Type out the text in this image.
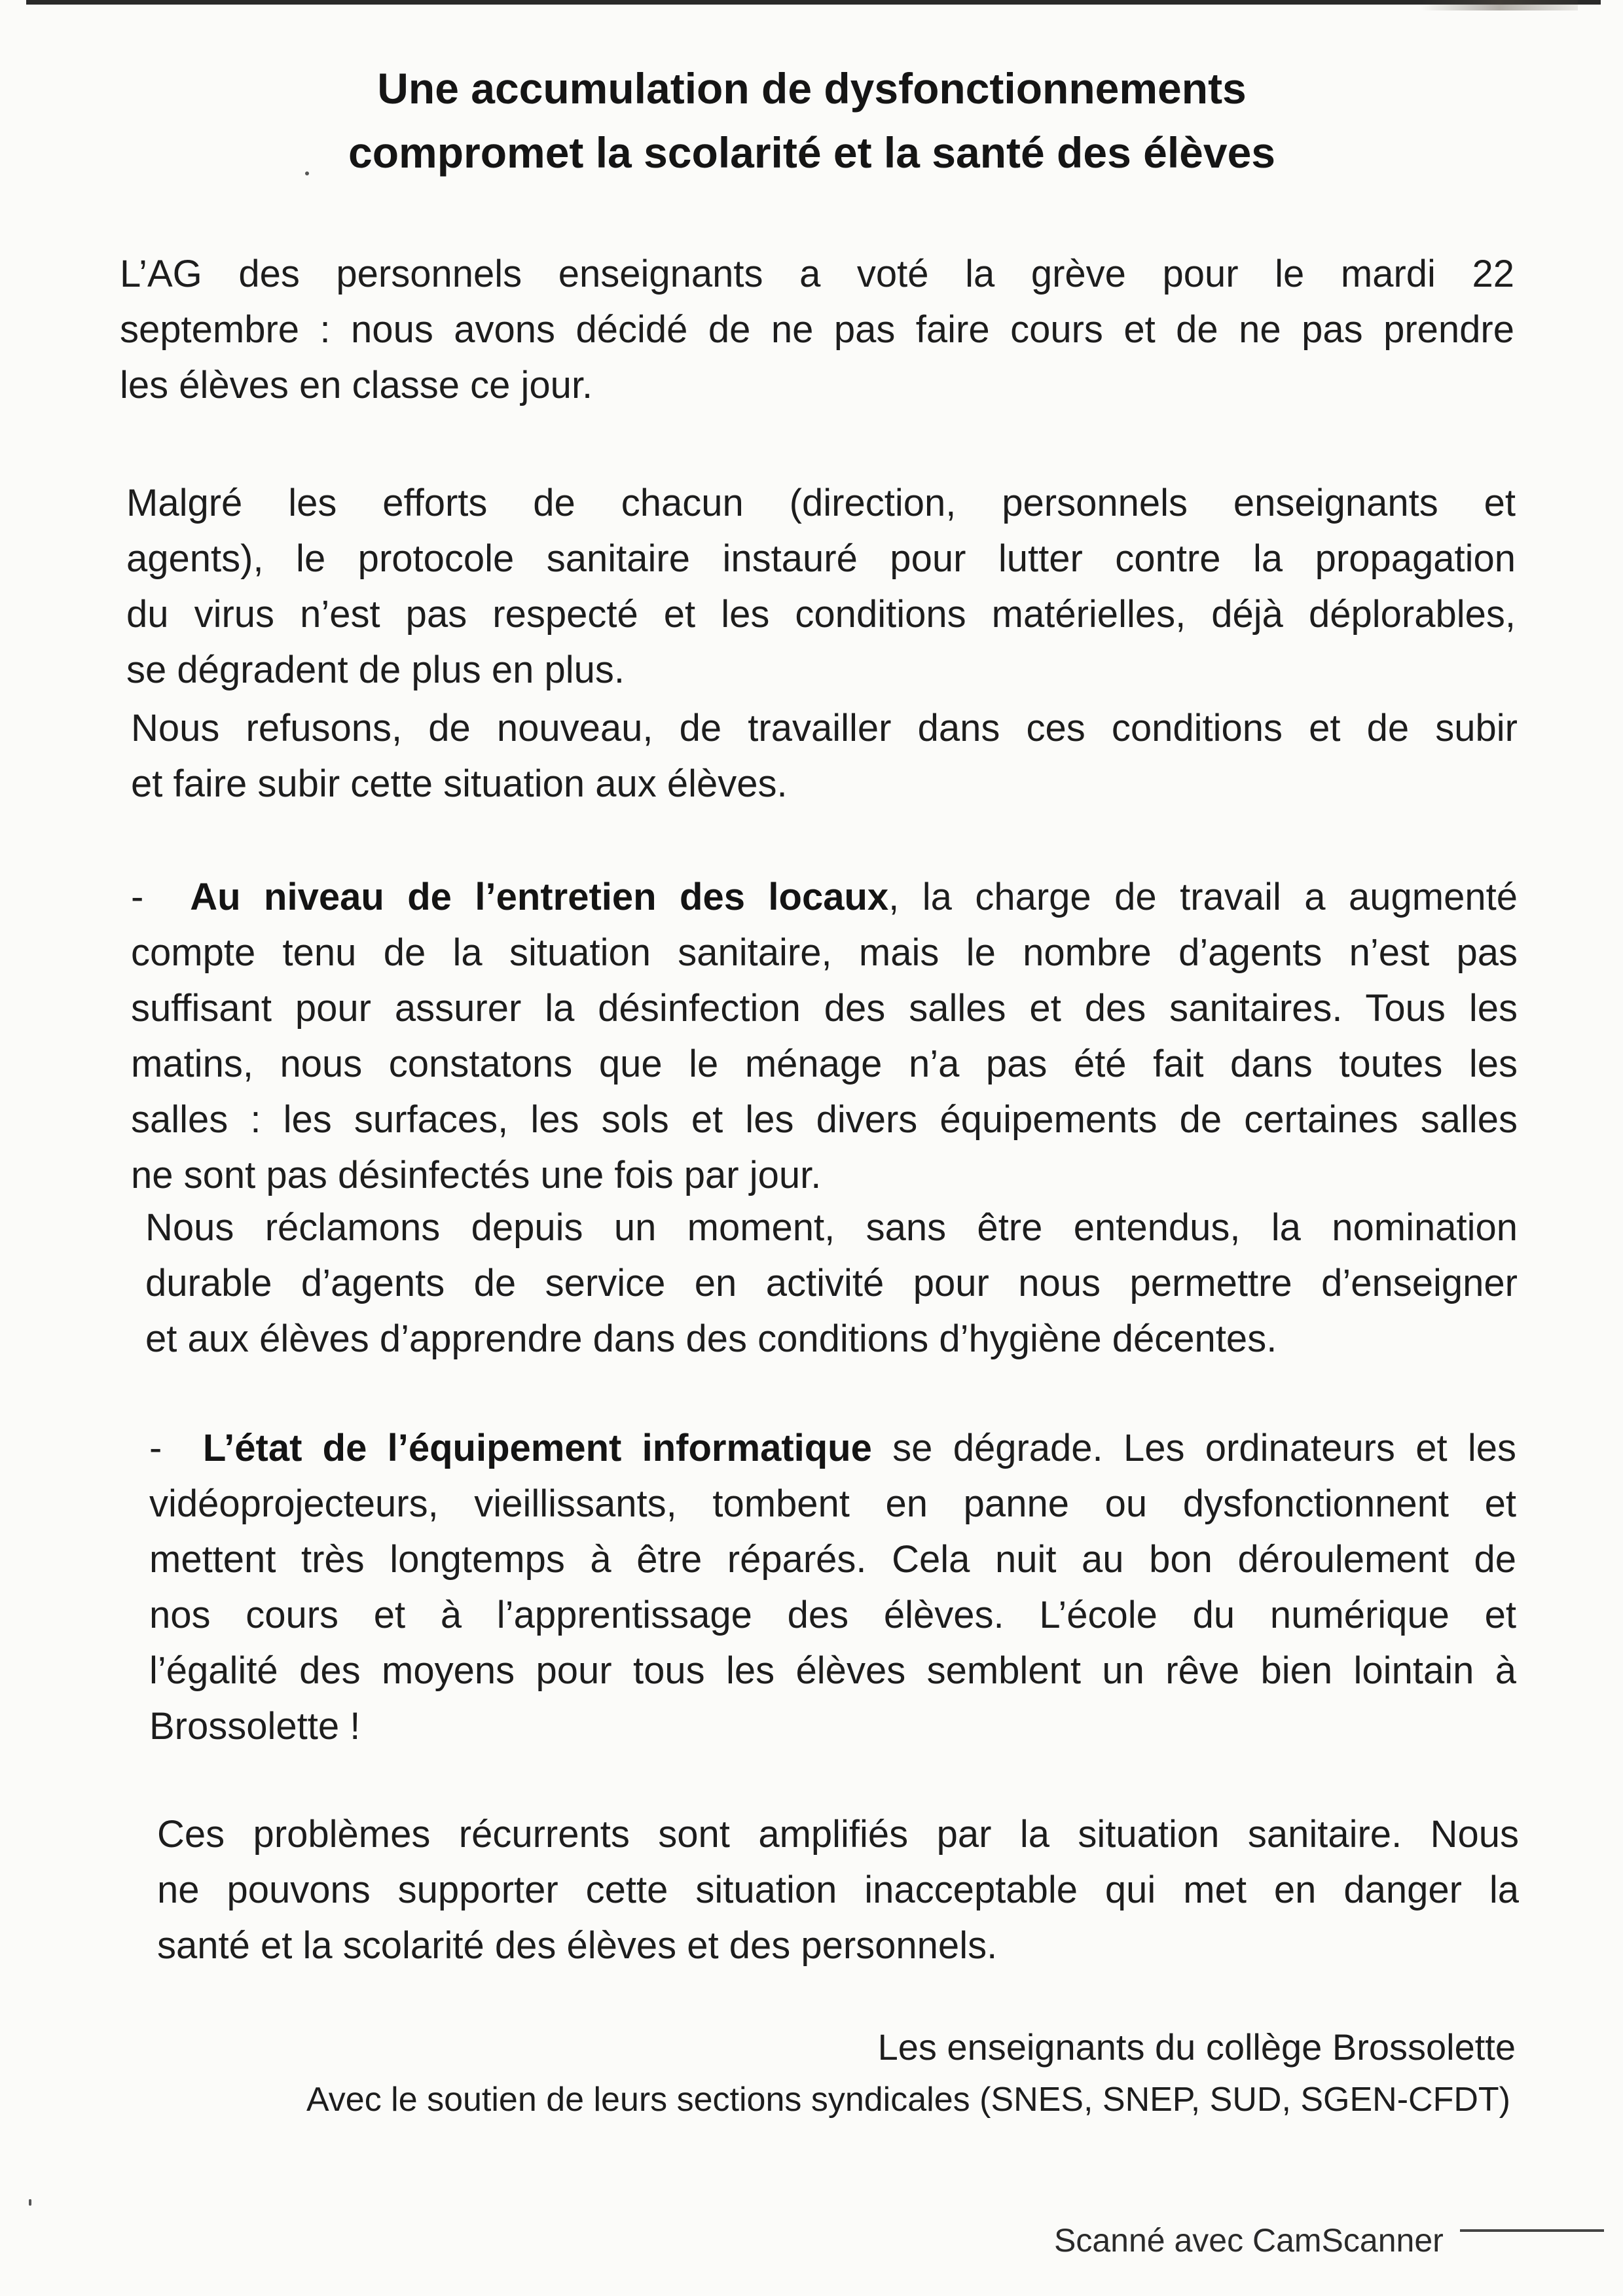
Une accumulation de dysfonctionnements
compromet la scolarité et la santé des élèves
L’AG des personnels enseignants a voté la grève pour le mardi 22
septembre : nous avons décidé de ne pas faire cours et de ne pas prendre
les élèves en classe ce jour.
Malgré les efforts de chacun (direction, personnels enseignants et
agents), le protocole sanitaire instauré pour lutter contre la propagation
du virus n’est pas respecté et les conditions matérielles, déjà déplorables,
se dégradent de plus en plus.
Nous refusons, de nouveau, de travailler dans ces conditions et de subir
et faire subir cette situation aux élèves.
- Au niveau de l’entretien des locaux, la charge de travail a augmenté
compte tenu de la situation sanitaire, mais le nombre d’agents n’est pas
suffisant pour assurer la désinfection des salles et des sanitaires. Tous les
matins, nous constatons que le ménage n’a pas été fait dans toutes les
salles : les surfaces, les sols et les divers équipements de certaines salles
ne sont pas désinfectés une fois par jour.
Nous réclamons depuis un moment, sans être entendus, la nomination
durable d’agents de service en activité pour nous permettre d’enseigner
et aux élèves d’apprendre dans des conditions d’hygiène décentes.
- L’état de l’équipement informatique se dégrade. Les ordinateurs et les
vidéoprojecteurs, vieillissants, tombent en panne ou dysfonctionnent et
mettent très longtemps à être réparés. Cela nuit au bon déroulement de
nos cours et à l’apprentissage des élèves. L’école du numérique et
l’égalité des moyens pour tous les élèves semblent un rêve bien lointain à
Brossolette !
Ces problèmes récurrents sont amplifiés par la situation sanitaire. Nous
ne pouvons supporter cette situation inacceptable qui met en danger la
santé et la scolarité des élèves et des personnels.

Les enseignants du collège Brossolette

Avec le soutien de leurs sections syndicales (SNES, SNEP, SUD, SGEN-CFDT)

Scanné avec CamScanner
